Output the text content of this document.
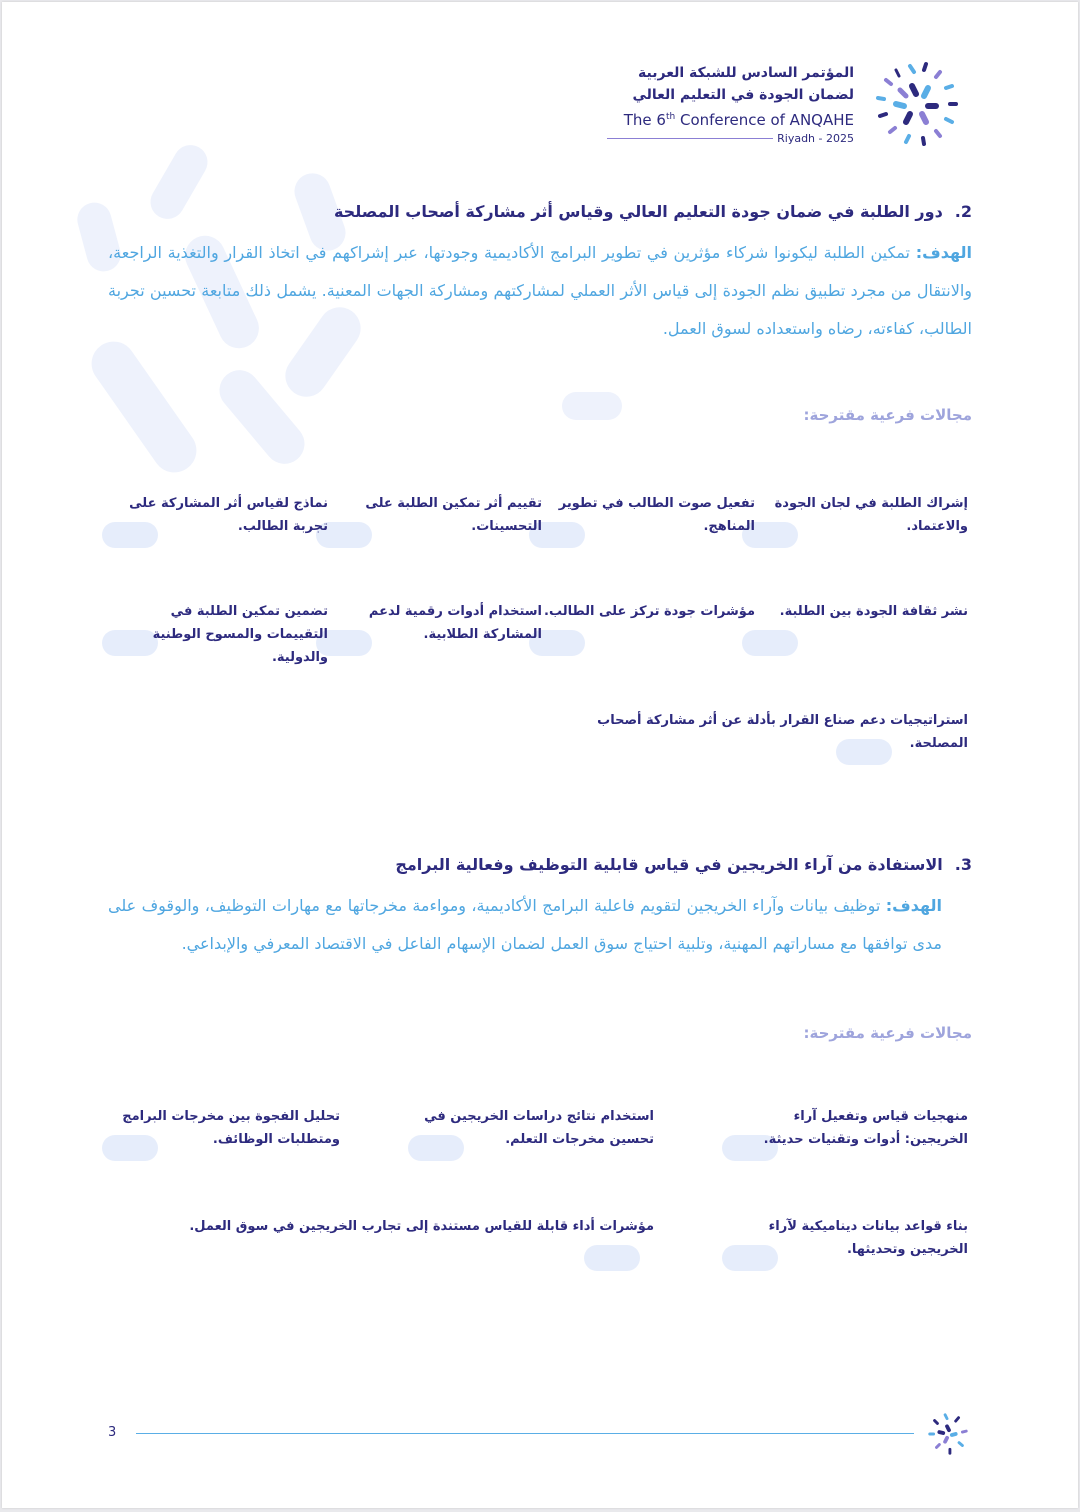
المؤتمر السادس للشبكة العربية
لضمان الجودة في التعليم العالي
The 6th Conference of ANQAHE
Riyadh - 2025
2.دور الطلبة في ضمان جودة التعليم العالي وقياس أثر مشاركة أصحاب المصلحة
الهدف: تمكين الطلبة ليكونوا شركاء مؤثرين في تطوير البرامج الأكاديمية وجودتها، عبر إشراكهم في اتخاذ القرار والتغذية الراجعة، والانتقال من مجرد تطبيق نظم الجودة إلى قياس الأثر العملي لمشاركتهم ومشاركة الجهات المعنية. يشمل ذلك متابعة تحسين تجربة الطالب، كفاءته، رضاه واستعداده لسوق العمل.
مجالات فرعية مقترحة:
إشراك الطلبة في لجان الجودة والاعتماد.
تفعيل صوت الطالب في تطوير المناهج.
تقييم أثر تمكين الطلبة على التحسينات.
نماذج لقياس أثر المشاركة على تجربة الطالب.
نشر ثقافة الجودة بين الطلبة.
مؤشرات جودة تركز على الطالب.
استخدام أدوات رقمية لدعم المشاركة الطلابية.
تضمين تمكين الطلبة في التقييمات والمسوح الوطنية والدولية.
استراتيجيات دعم صناع القرار بأدلة عن أثر مشاركة أصحاب المصلحة.
3.الاستفادة من آراء الخريجين في قياس قابلية التوظيف وفعالية البرامج
الهدف: توظيف بيانات وآراء الخريجين لتقويم فاعلية البرامج الأكاديمية، ومواءمة مخرجاتها مع مهارات التوظيف، والوقوف على مدى توافقها مع مساراتهم المهنية، وتلبية احتياج سوق العمل لضمان الإسهام الفاعل في الاقتصاد المعرفي والإبداعي.
مجالات فرعية مقترحة:
منهجيات قياس وتفعيل آراء الخريجين: أدوات وتقنيات حديثة.
استخدام نتائج دراسات الخريجين في تحسين مخرجات التعلم.
تحليل الفجوة بين مخرجات البرامج ومتطلبات الوظائف.
بناء قواعد بيانات ديناميكية لآراء الخريجين وتحديثها.
مؤشرات أداء قابلة للقياس مستندة إلى تجارب الخريجين في سوق العمل.
3
